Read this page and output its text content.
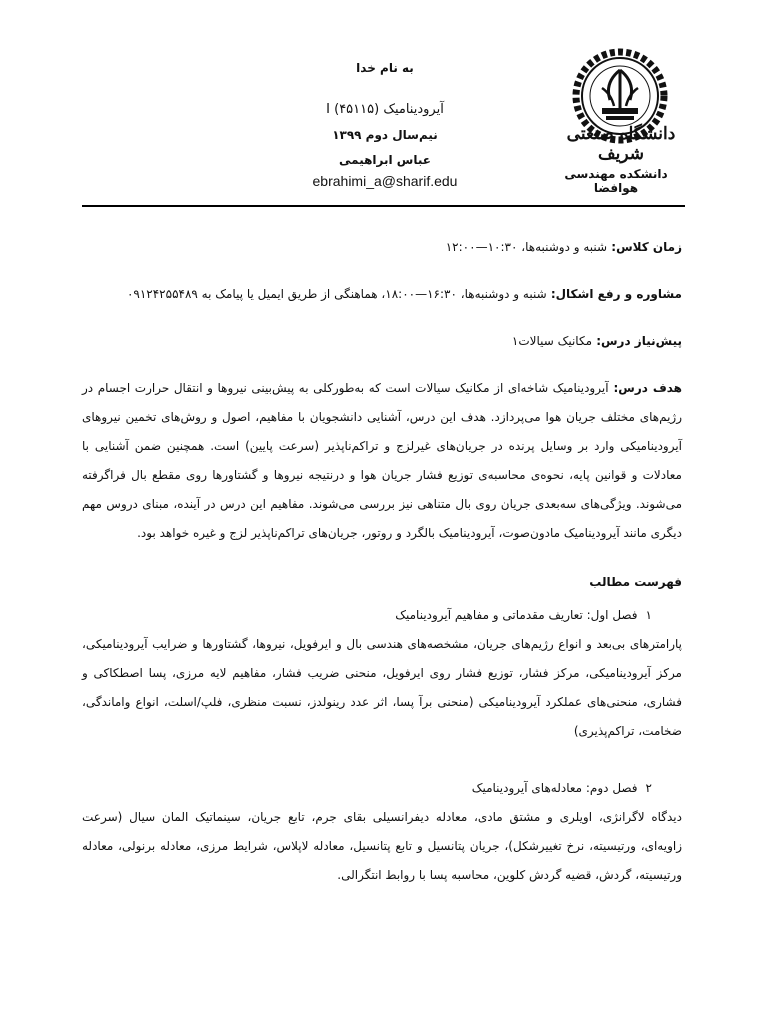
دانشگاه صنعتی شریف
دانشکده مهندسی هوافضا
به نام خدا
آیرودینامیک I (۴۵۱۱۵)
نیم‌سال دوم ۱۳۹۹
عباس ابراهیمی
ebrahimi_a@sharif.edu

زمان کلاس: شنبه و دوشنبه‌ها، ۱۰:۳۰—۱۲:۰۰

مشاوره و رفع اشکال: شنبه و دوشنبه‌ها، ۱۶:۳۰—۱۸:۰۰، هماهنگی از طریق ایمیل یا پیامک به ۰۹۱۲۴۲۵۵۴۸۹

پیش‌نیاز درس: مکانیک سیالات۱

هدف درس: آیرودینامیک شاخه‌ای از مکانیک سیالات است که به‌طورکلی به پیش‌بینی نیروها و انتقال حرارت اجسام در رژیم‌های مختلف جریان هوا می‌پردازد. هدف این درس، آشنایی دانشجویان با مفاهیم، اصول و روش‌های تخمین نیروهای آیرودینامیکی وارد بر وسایل پرنده در جریان‌های غیرلزج و تراکم‌ناپذیر (سرعت پایین) است. همچنین ضمن آشنایی با معادلات و قوانین پایه، نحوه‌ی محاسبه‌ی توزیع فشار جریان هوا و درنتیجه نیروها و گشتاورها روی مقطع بال فراگرفته می‌شوند. ویژگی‌های سه‌بعدی جریان روی بال متناهی نیز بررسی می‌شوند. مفاهیم این درس در آینده، مبنای دروس مهم دیگری مانند آیرودینامیک مادون‌صوت، آیرودینامیک بالگرد و روتور، جریان‌های تراکم‌ناپذیر لزج و غیره خواهد بود.

فهرست مطالب

۱
فصل اول: تعاریف مقدماتی و مفاهیم آیرودینامیک

پارامترهای بی‌بعد و انواع رژیم‌های جریان، مشخصه‌های هندسی بال و ایرفویل، نیروها، گشتاورها و ضرایب آیرودینامیکی، مرکز آیرودینامیکی، مرکز فشار، توزیع فشار روی ایرفویل، منحنی ضریب فشار، مفاهیم لایه مرزی، پسا اصطکاکی و فشاری، منحنی‌های عملکرد آیرودینامیکی (منحنی برآ پسا، اثر عدد رینولدز، نسبت منظری، فلپ/اسلت، انواع واماندگی، ضخامت، تراکم‌پذیری)

۲
فصل دوم: معادله‌های آیرودینامیک

دیدگاه لاگرانژی، اویلری و مشتق مادی، معادله دیفرانسیلی بقای جرم، تابع جریان، سینماتیک المان سیال (سرعت زاویه‌ای، ورتیسیته، نرخ تغییرشکل)، جریان پتانسیل و تابع پتانسیل، معادله لاپلاس، شرایط مرزی، معادله برنولی، معادله ورتیسیته، گردش، قضیه گردش کلوین، محاسبه پسا با روابط انتگرالی.
